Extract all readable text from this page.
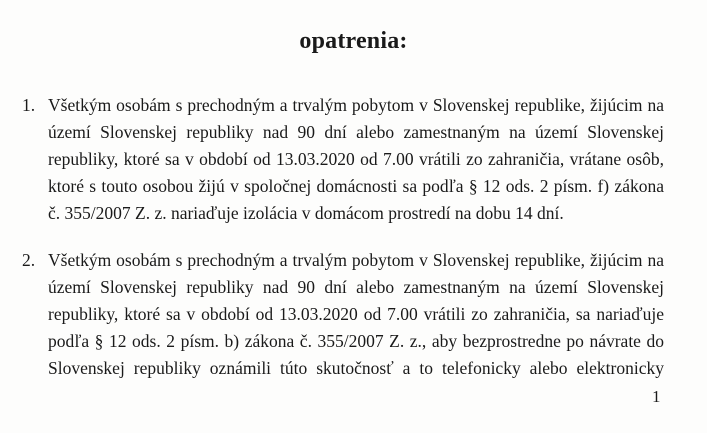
opatrenia:
1. Všetkým osobám s prechodným a trvalým pobytom v Slovenskej republike, žijúcim na
území Slovenskej republiky nad 90 dní alebo zamestnaným na území Slovenskej
republiky, ktoré sa v období od 13.03.2020 od 7.00 vrátili zo zahraničia, vrátane osôb,
ktoré s touto osobou žijú v spoločnej domácnosti sa podľa § 12 ods. 2 písm. f) zákona
č. 355/2007 Z. z. nariaďuje izolácia v domácom prostredí na dobu 14 dní.
2. Všetkým osobám s prechodným a trvalým pobytom v Slovenskej republike, žijúcim na
území Slovenskej republiky nad 90 dní alebo zamestnaným na území Slovenskej
republiky, ktoré sa v období od 13.03.2020 od 7.00 vrátili zo zahraničia, sa nariaďuje
podľa § 12 ods. 2 písm. b) zákona č. 355/2007 Z. z., aby bezprostredne po návrate do
Slovenskej republiky oznámili túto skutočnosť a to telefonicky alebo elektronicky
1
